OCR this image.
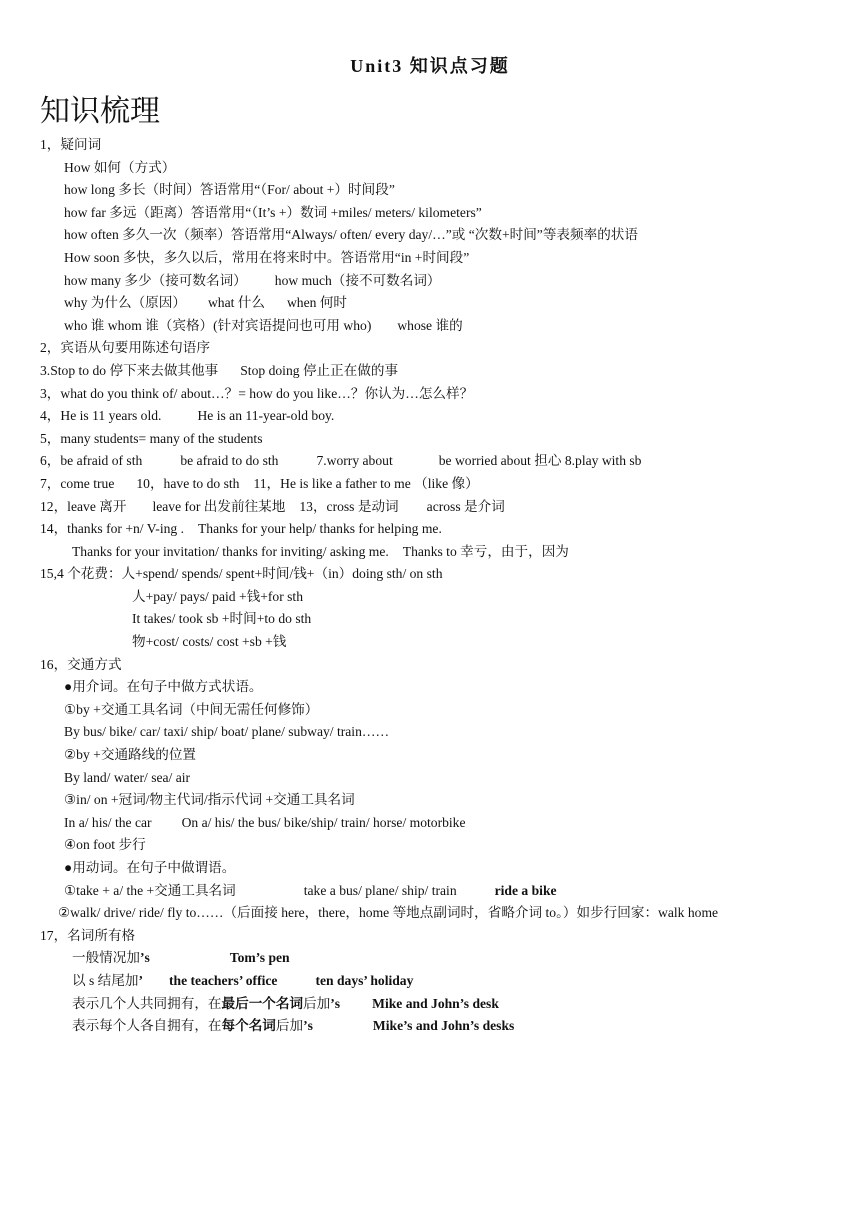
Unit3 知识点习题
知识梳理
1，疑问词
How 如何（方式）
how long 多长（时间）答语常用“（For/ about +）时间段”
how far 多远（距离）答语常用“（It’s +）数词 +miles/ meters/ kilometers”
how often 多久一次（频率）答语常用“Always/ often/ every day/…”或 “次数+时间”等表频率的状语
How soon 多快，多久以后，常用在将来时中。答语常用“in +时间段”
how many 多少（接可数名词） how much（接不可数名词）
why 为什么（原因） what 什么 when 何时
who 谁 whom 谁（宾格）(针对宾语提问也可用 who) whose 谁的
2，宾语从句要用陈述句语序
3.Stop to do 停下来去做其他事 Stop doing 停止正在做的事
3，what do you think of/ about…？= how do you like…？你认为…怎么样？
4，He is 11 years old.	He is an 11-year-old boy.
5，many students= many of the students
6，be afraid of sth	be afraid to do sth	7.worry about	be worried about 担心 8.play with sb
7，come true 10，have to do sth 11，He is like a father to me （like 像）
12，leave 离开 leave for 出发前往某地 13，cross 是动词 across 是介词
14，thanks for +n/ V-ing . Thanks for your help/ thanks for helping me.
Thanks for your invitation/ thanks for inviting/ asking me. Thanks to 幸亏，由于，因为
15,4 个花费：人+spend/ spends/ spent+时间/钱+（in）doing sth/ on sth
人+pay/ pays/ paid +钱+for sth
It takes/ took sb +时间+to do sth
物+cost/ costs/ cost +sb +钱
16，交通方式
●用介词。在句子中做方式状语。
①by +交通工具名词（中间无需任何修饰）
By bus/ bike/ car/ taxi/ ship/ boat/ plane/ subway/ train……
②by +交通路线的位置
By land/ water/ sea/ air
③in/ on +冠词/物主代词/指示代词 +交通工具名词
In a/ his/ the car On a/ his/ the bus/ bike/ship/ train/ horse/ motorbike
④on foot 步行
●用动词。在句子中做谓语。
①take + a/ the +交通工具名词	take a bus/ plane/ ship/ train	ride a bike
②walk/ drive/ ride/ fly to……（后面接 here，there，home 等地点副词时，省略介词 to。）如步行回家：walk home
17，名词所有格
一般情况加’s	Tom’s pen
以 s 结尾加’ the teachers’ office	ten days’ holiday
表示几个人共同拥有，在最后一个名词后加’s Mike and John’s desk
表示每个人各自拥有，在每个名词后加’s	Mike’s and John’s desks
